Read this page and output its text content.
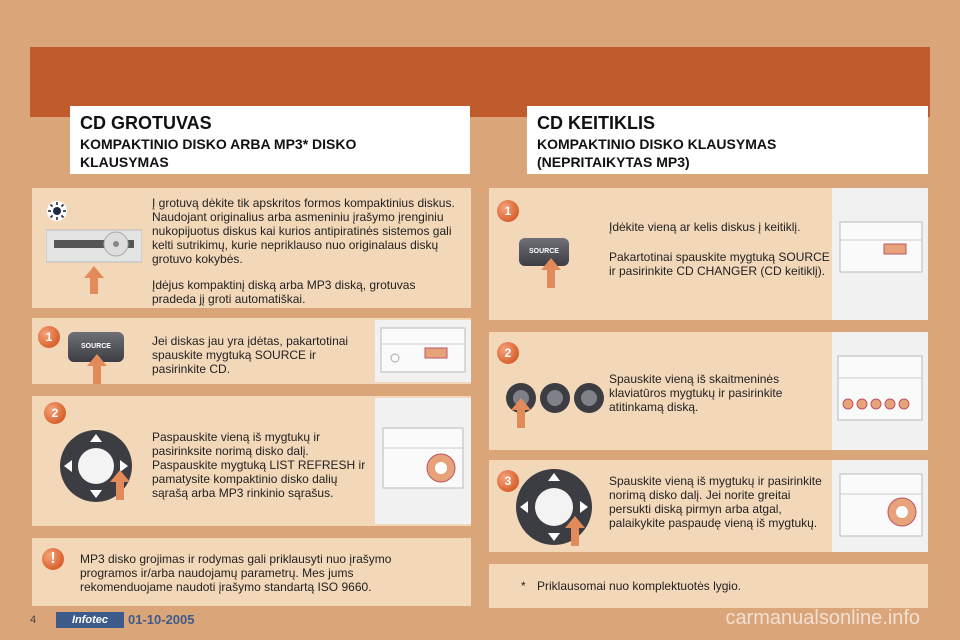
CD GROTUVAS
KOMPAKTINIO DISKO ARBA MP3* DISKO
KLAUSYMAS
CD KEITIKLIS
KOMPAKTINIO DISKO KLAUSYMAS
(NEPRITAIKYTAS MP3)
Į grotuvą dėkite tik apskritos formos kompaktinius diskus. Naudojant originalius arba asmeniniu įrašymo įrenginiu nukopijuotus diskus kai kurios antipiratinės sistemos gali kelti sutrikimų, kurie nepriklauso nuo originalaus diskų grotuvo kokybės.
Įdėjus kompaktinį diską arba MP3 diską, grotuvas pradeda jį groti automatiškai.
1
SOURCE	Jei diskas jau yra įdėtas, pakartotinai spauskite mygtuką SOURCE ir pasirinkite CD.
2
Paspauskite vieną iš mygtukų ir pasirinksite norimą disko dalį. Paspauskite mygtuką LIST REFRESH ir pamatysite kompaktinio disko dalių sąrašą arba MP3 rinkinio sąrašus.
!	MP3 disko grojimas ir rodymas gali priklausyti nuo įrašymo programos ir/arba naudojamų parametrų. Mes jums rekomenduojame naudoti įrašymo standartą ISO 9660.
1
SOURCE
Įdėkite vieną ar kelis diskus į keitiklį.
Pakartotinai spauskite mygtuką SOURCE ir pasirinkite CD CHANGER (CD keitiklį).
2
Spauskite vieną iš skaitmeninės klaviatūros mygtukų ir pasirinkite atitinkamą diską.
3	Spauskite vieną iš mygtukų ir pasirinkite norimą disko dalį. Jei norite greitai persukti diską pirmyn arba atgal, palaikykite paspaudę vieną iš mygtukų.
* Priklausomai nuo komplektuotės lygio.
4	Infotec	01-10-2005	carmanualsonline.info
